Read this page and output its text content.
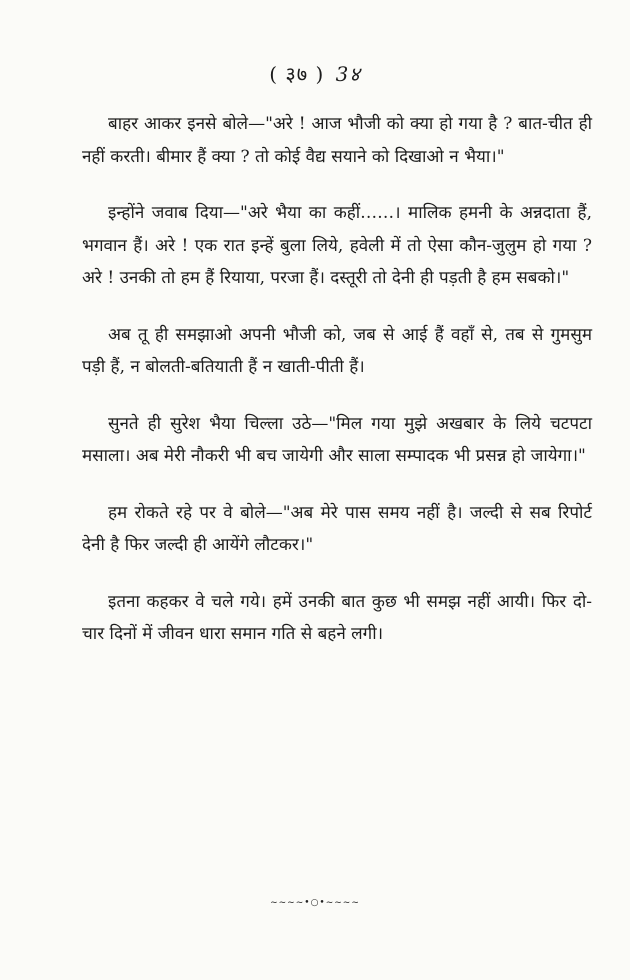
( ३७ ) 3४

बाहर आकर इनसे बोले—"अरे ! आज भौजी को क्या हो गया है ? बात-चीत ही नहीं करती। बीमार हैं क्या ? तो कोई वैद्य सयाने को दिखाओ न भैया।"

इन्होंने जवाब दिया—"अरे भैया का कहीं……। मालिक हमनी के अन्नदाता हैं, भगवान हैं। अरे ! एक रात इन्हें बुला लिये, हवेली में तो ऐसा कौन-जुलुम हो गया ? अरे ! उनकी तो हम हैं रियाया, परजा हैं। दस्तूरी तो देनी ही पड़ती है हम सबको।"

अब तू ही समझाओ अपनी भौजी को, जब से आई हैं वहाँ से, तब से गुमसुम पड़ी हैं, न बोलती-बतियाती हैं न खाती-पीती हैं।

सुनते ही सुरेश भैया चिल्ला उठे—"मिल गया मुझे अखबार के लिये चटपटा मसाला। अब मेरी नौकरी भी बच जायेगी और साला सम्पादक भी प्रसन्न हो जायेगा।"

हम रोकते रहे पर वे बोले—"अब मेरे पास समय नहीं है। जल्दी से सब रिपोर्ट देनी है फिर जल्दी ही आयेंगे लौटकर।"

इतना कहकर वे चले गये। हमें उनकी बात कुछ भी समझ नहीं आयी। फिर दो-चार दिनों में जीवन धारा समान गति से बहने लगी।

~~~~•○•~~~~
